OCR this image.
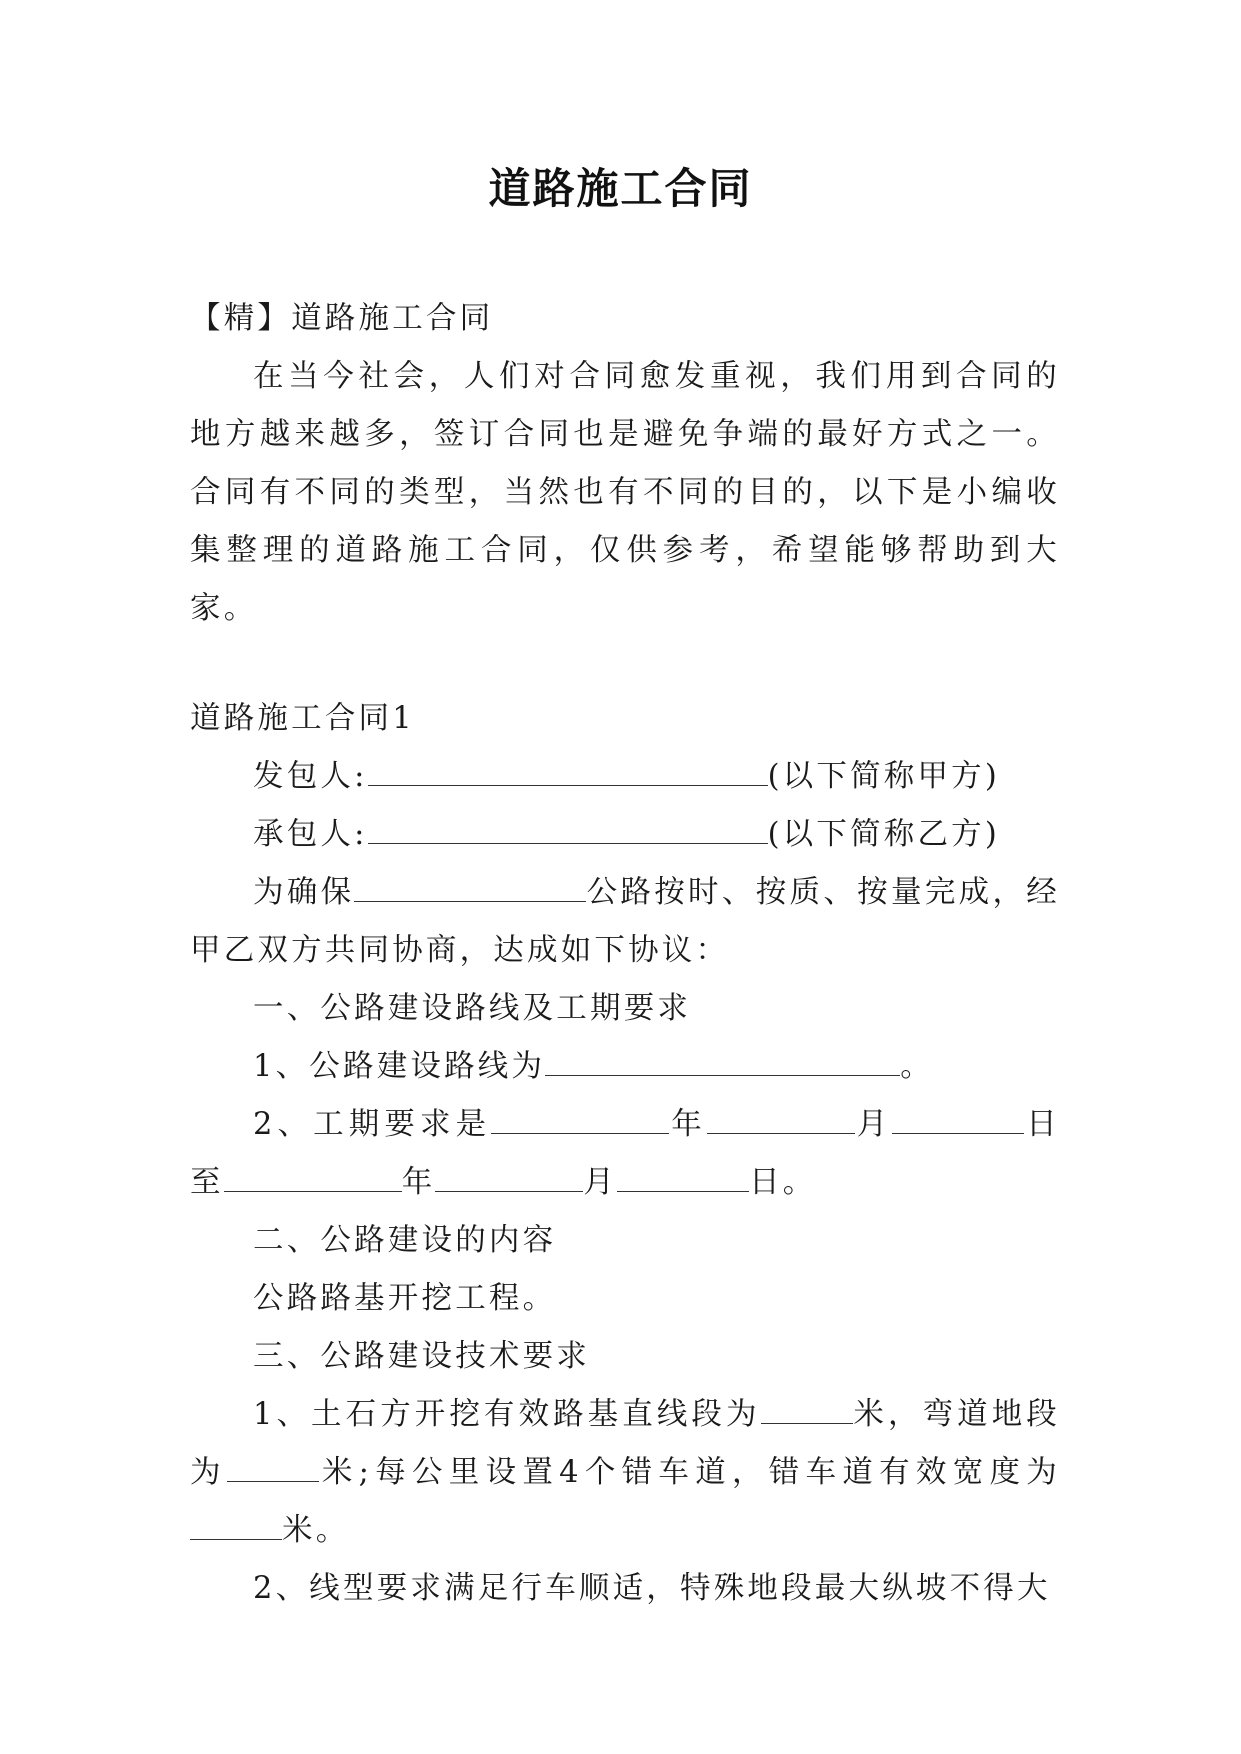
道路施工合同

【精】道路施工合同

在当今社会，人们对合同愈发重视，我们用到合同的地方越来越多，签订合同也是避免争端的最好方式之一。合同有不同的类型，当然也有不同的目的，以下是小编收集整理的道路施工合同，仅供参考，希望能够帮助到大家。

道路施工合同1

发包人:	(以下简称甲方)

承包人:	(以下简称乙方)

为确保	公路按时、按质、按量完成，经甲乙双方共同协商，达成如下协议：

一、公路建设路线及工期要求

1、公路建设路线为	。

2、工期要求是	年	月	日至	年	月	日。

二、公路建设的内容

公路路基开挖工程。

三、公路建设技术要求

1、土石方开挖有效路基直线段为	米，弯道地段为	米;每公里设置4个错车道，错车道有效宽度为米。

2、线型要求满足行车顺适，特殊地段最大纵坡不得大
